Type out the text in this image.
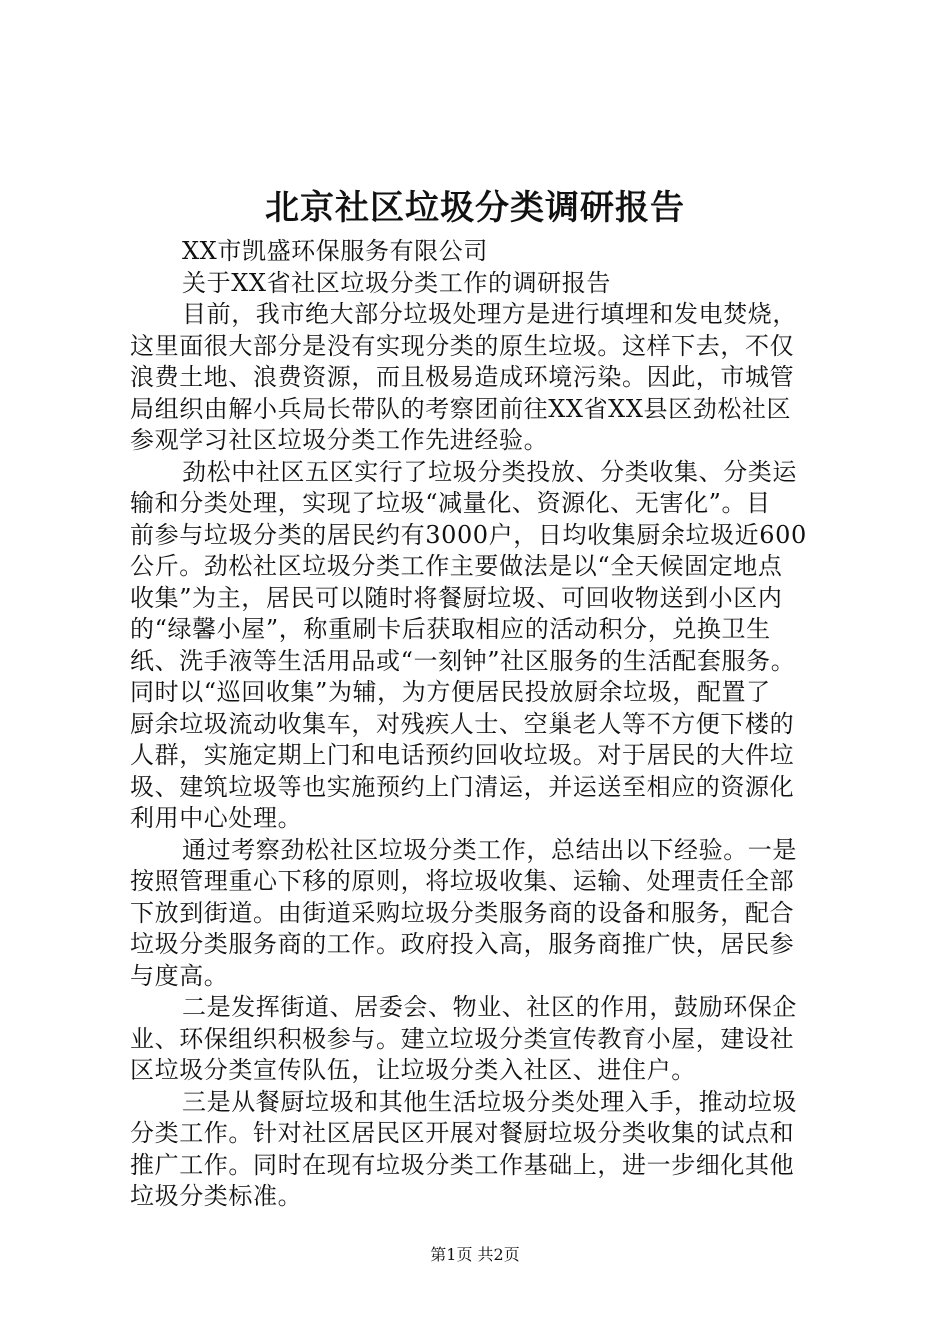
北京社区垃圾分类调研报告
XX市凯盛环保服务有限公司
关于XX省社区垃圾分类工作的调研报告
目前，我市绝大部分垃圾处理方是进行填埋和发电焚烧，
这里面很大部分是没有实现分类的原生垃圾。这样下去，不仅
浪费土地、浪费资源，而且极易造成环境污染。因此，市城管
局组织由解小兵局长带队的考察团前往XX省XX县区劲松社区
参观学习社区垃圾分类工作先进经验。
劲松中社区五区实行了垃圾分类投放、分类收集、分类运
输和分类处理，实现了垃圾“减量化、资源化、无害化”。目
前参与垃圾分类的居民约有3000户，日均收集厨余垃圾近600
公斤。劲松社区垃圾分类工作主要做法是以“全天候固定地点
收集”为主，居民可以随时将餐厨垃圾、可回收物送到小区内
的“绿馨小屋”，称重刷卡后获取相应的活动积分，兑换卫生
纸、洗手液等生活用品或“一刻钟”社区服务的生活配套服务。
同时以“巡回收集”为辅，为方便居民投放厨余垃圾，配置了
厨余垃圾流动收集车，对残疾人士、空巢老人等不方便下楼的
人群，实施定期上门和电话预约回收垃圾。对于居民的大件垃
圾、建筑垃圾等也实施预约上门清运，并运送至相应的资源化
利用中心处理。
通过考察劲松社区垃圾分类工作，总结出以下经验。一是
按照管理重心下移的原则，将垃圾收集、运输、处理责任全部
下放到街道。由街道采购垃圾分类服务商的设备和服务，配合
垃圾分类服务商的工作。政府投入高，服务商推广快，居民参
与度高。
二是发挥街道、居委会、物业、社区的作用，鼓励环保企
业、环保组织积极参与。建立垃圾分类宣传教育小屋，建设社
区垃圾分类宣传队伍，让垃圾分类入社区、进住户。
三是从餐厨垃圾和其他生活垃圾分类处理入手，推动垃圾
分类工作。针对社区居民区开展对餐厨垃圾分类收集的试点和
推广工作。同时在现有垃圾分类工作基础上，进一步细化其他
垃圾分类标准。
第1页 共2页
